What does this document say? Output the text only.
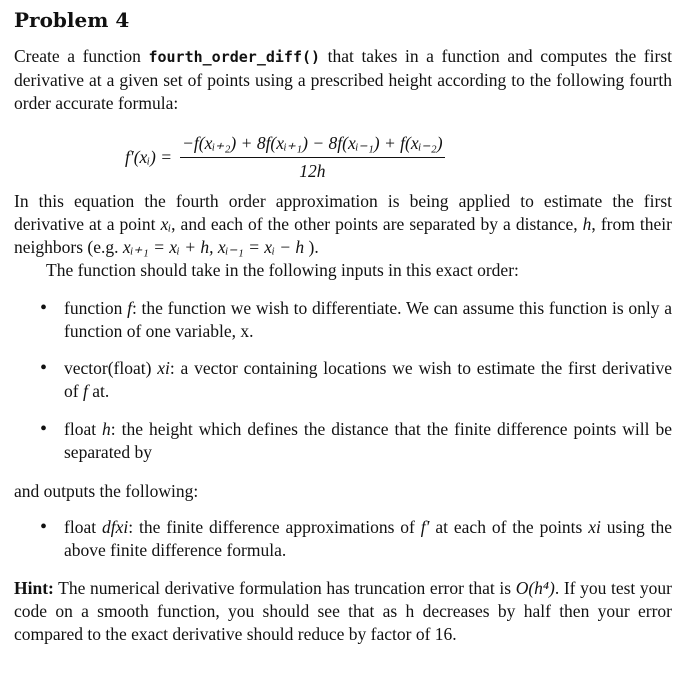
Problem 4

Create a function fourth_order_diff() that takes in a function and computes the first derivative at a given set of points using a prescribed height according to the following fourth order accurate formula:

f′(xᵢ) = $\frac{\text{−f(xᵢ₊₂) + 8f(xᵢ₊₁) − 8f(xᵢ₋₁) + f(xᵢ₋₂)}}{12h}$

In this equation the fourth order approximation is being applied to estimate the first derivative at a point xᵢ, and each of the other points are separated by a distance, h, from their neighbors (e.g. xᵢ₊₁ = xᵢ + h, xᵢ₋₁ = xᵢ − h ).

The function should take in the following inputs in this exact order:

• function f: the function we wish to differentiate. We can assume this function is only a function of one variable, x.
• vector(float) xi: a vector containing locations we wish to estimate the first derivative of f at.
• float h: the height which defines the distance that the finite difference points will be separated by

and outputs the following:

• float dfxi: the finite difference approximations of f′ at each of the points xi using the above finite difference formula.

Hint: The numerical derivative formulation has truncation error that is O(h⁴). If you test your code on a smooth function, you should see that as h decreases by half then your error compared to the exact derivative should reduce by factor of 16.
